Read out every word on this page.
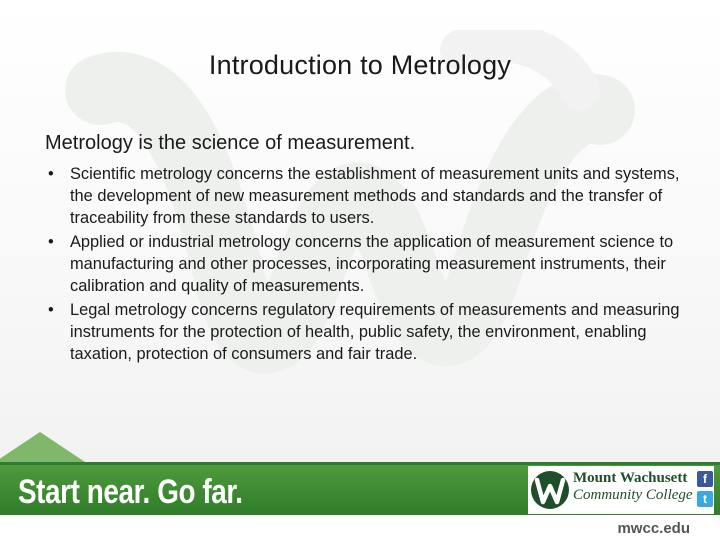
Introduction to Metrology
Metrology is the science of measurement.
• Scientific metrology concerns the establishment of measurement units and systems, the development of new measurement methods and standards and the transfer of traceability from these standards to users.
• Applied or industrial metrology concerns the application of measurement science to manufacturing and other processes, incorporating measurement instruments, their calibration and quality of measurements.
• Legal metrology concerns regulatory requirements of measurements and measuring instruments for the protection of health, public safety, the environment, enabling taxation, protection of consumers and fair trade.
Start near. Go far.	Mount Wachusett
Community College
f
t
mwcc.edu
